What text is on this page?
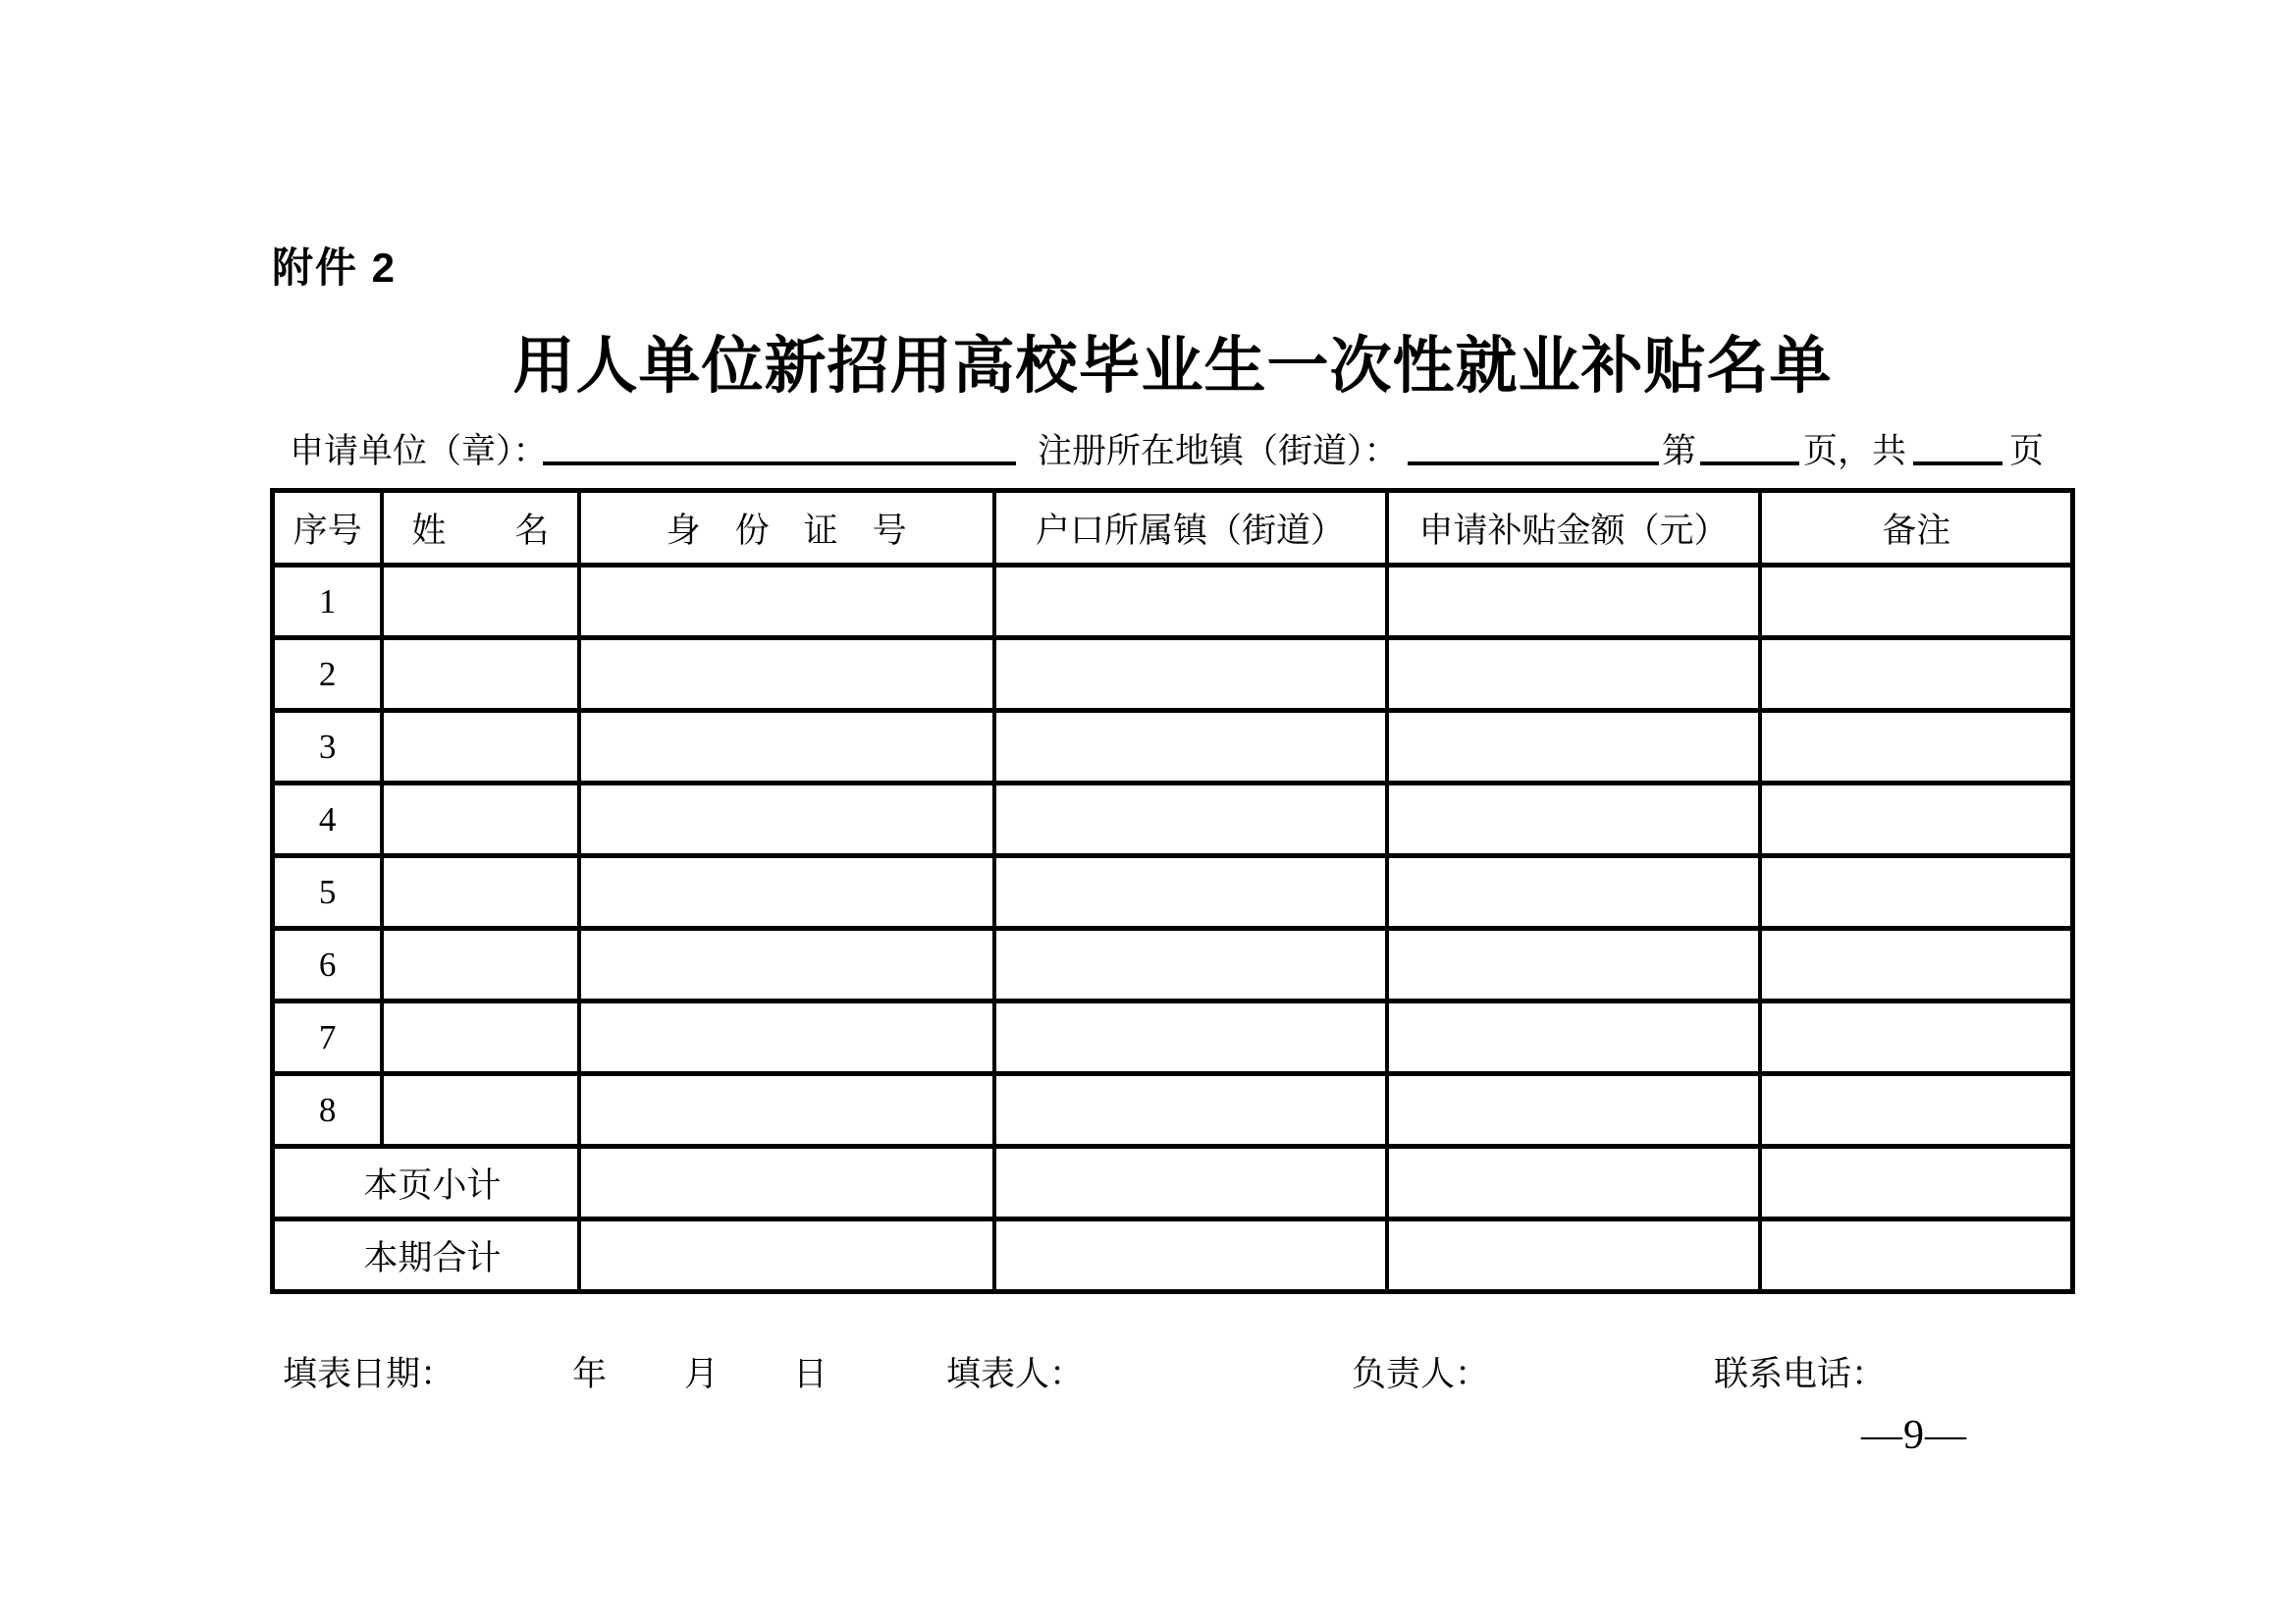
附件 2
用人单位新招用高校毕业生一次性就业补贴名单
申请单位（章）：	注册所在地镇（街道）：	第	页，共	页
序号	姓　　名	身　份　证　号	户口所属镇（街道）	申请补贴金额（元）	备注
1					
2					
3					
4					
5					
6					
7					
8					
本页小计					
本期合计					
填表日期：	年 月 日	填表人：	负责人：	联系电话：
—9—
